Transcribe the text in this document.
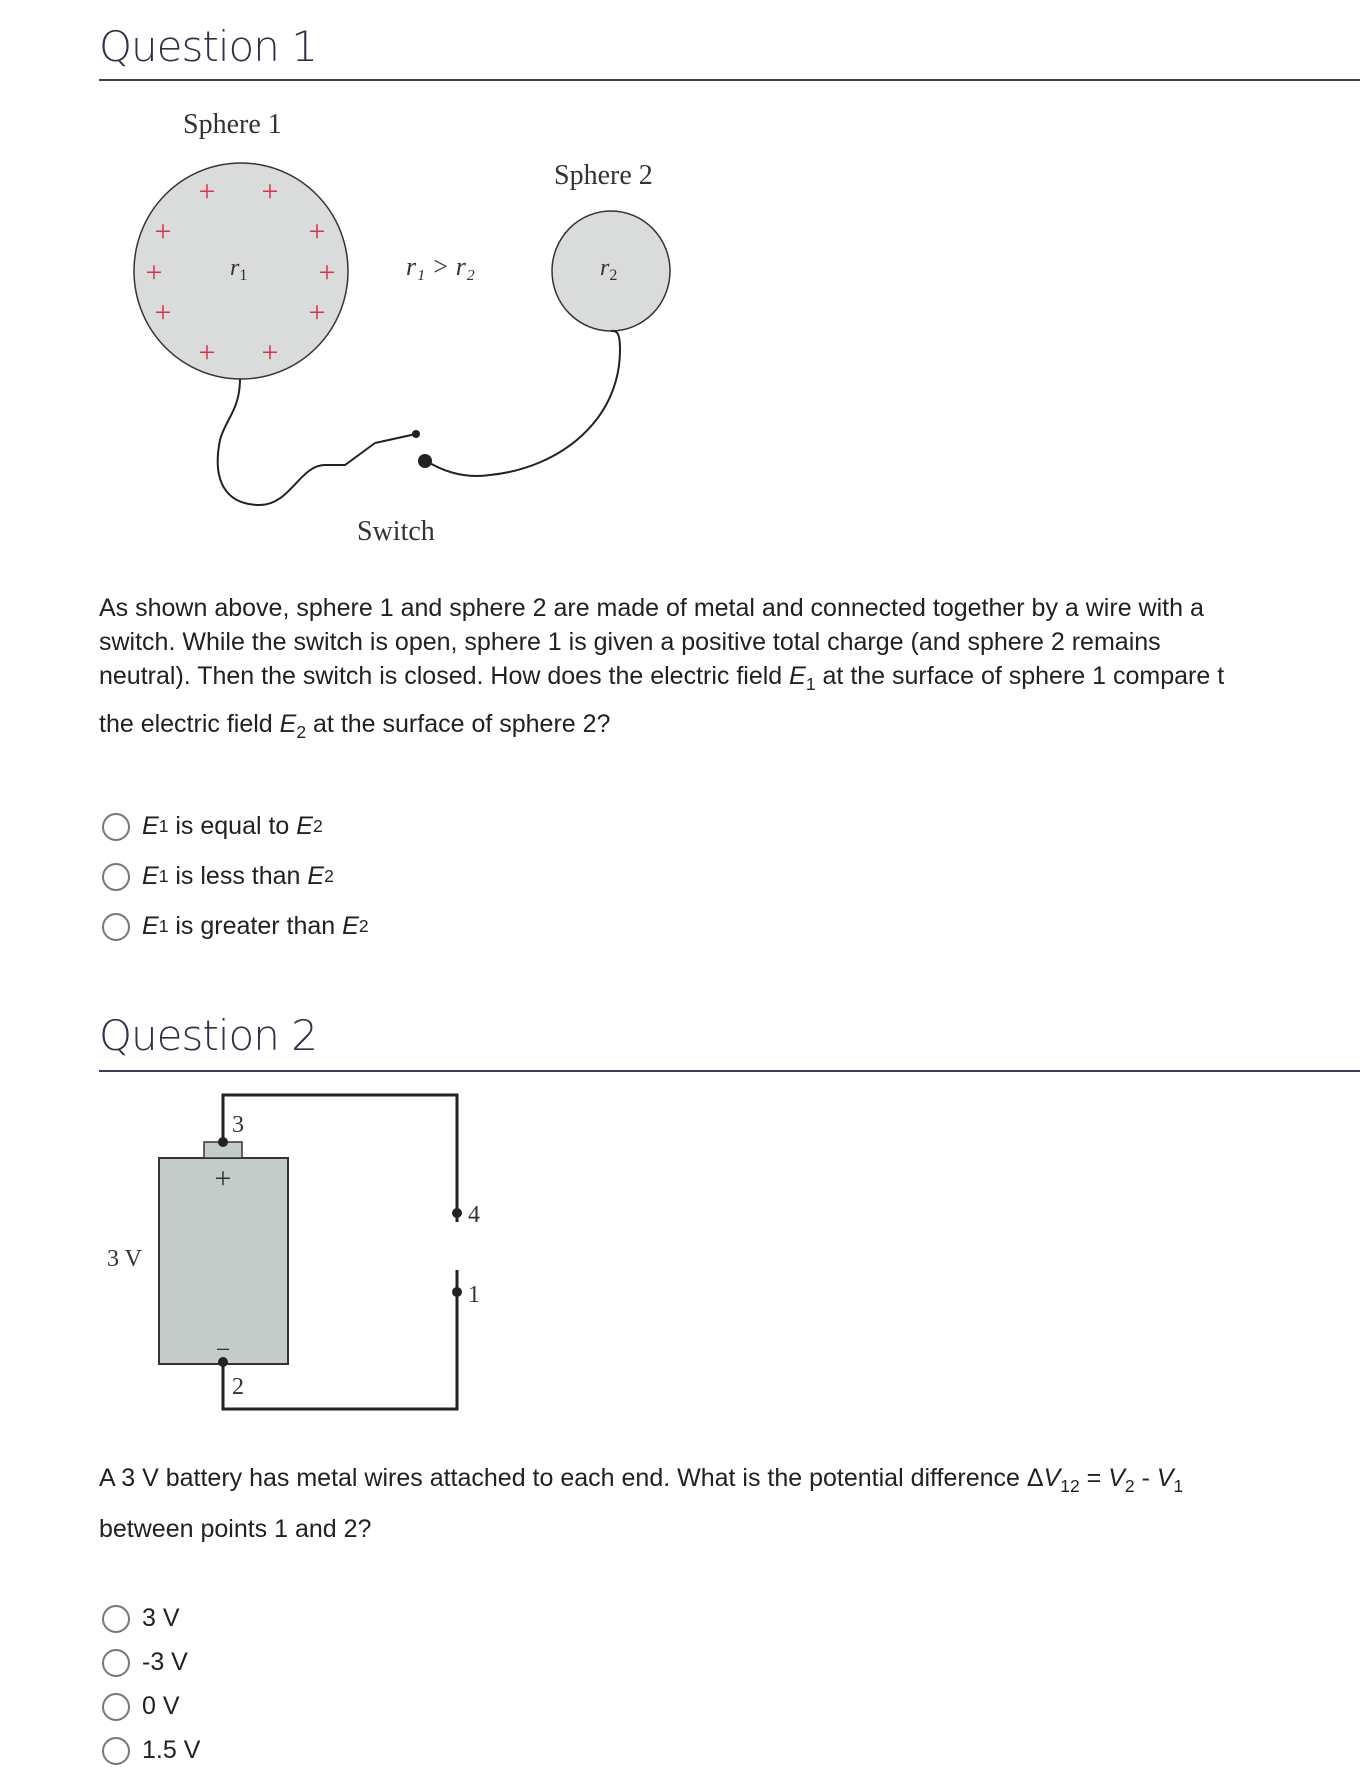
Question 1
Sphere 1
Sphere 2
+ +
+	+
+	+
+	+
+ +
$r_1$	$r_2$
r₁ > r₂
Switch
As shown above, sphere 1 and sphere 2 are made of metal and connected together by a wire with a
switch. While the switch is open, sphere 1 is given a positive total charge (and sphere 2 remains
neutral). Then the switch is closed. How does the electric field $E_1$ at the surface of sphere 1 compare t
the electric field $E_2$ at the surface of sphere 2?
E 1
is equal to
E 2
E 1
is less than
E 2
E 1
is greater than
E 2
Question 2
+
−
3
2
4
1
3 V
A 3 V battery has metal wires attached to each end. What is the potential difference $\Delta V_{12} = V_2 - V_1$
between points 1 and 2?
3 V
-3 V
0 V
1.5 V
